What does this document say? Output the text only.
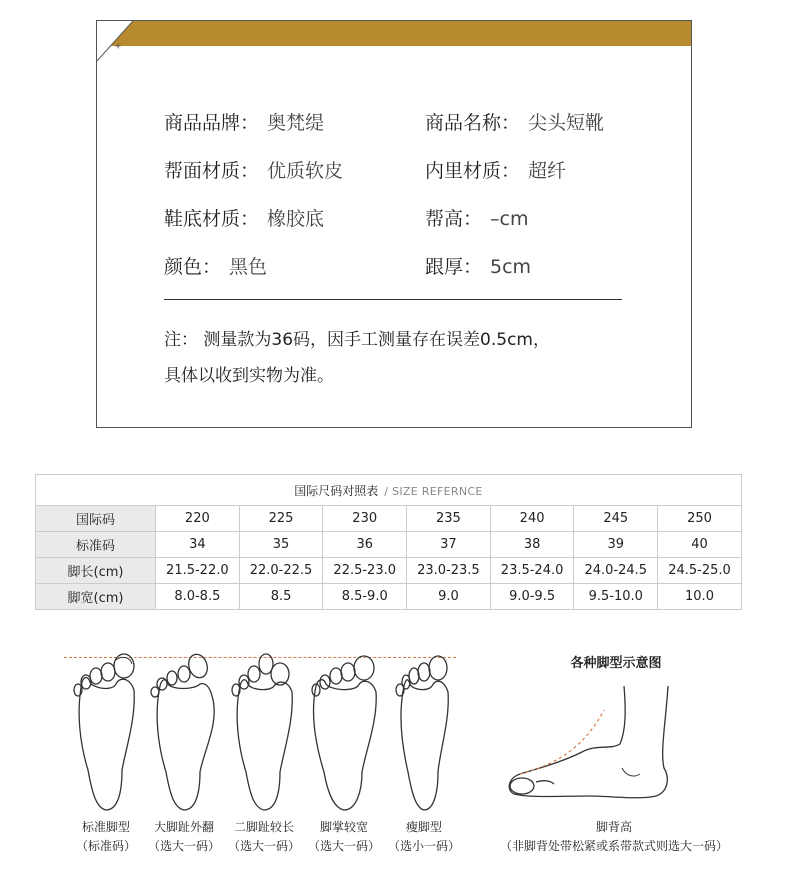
+
商品品牌： 奥梵缇	商品名称： 尖头短靴
帮面材质： 优质软皮	内里材质： 超纤
鞋底材质： 橡胶底	帮高： –cm
颜色： 黑色	跟厚： 5cm
注： 测量款为36码，因手工测量存在误差0.5cm，
具体以收到实物为准。
国际尺码对照表 / SIZE REFERNCE							
国际码	220	225	230	235	240	245	250
标准码	34	35	36	37	38	39	40
脚长(cm)	21.5-22.0	22.0-22.5	22.5-23.0	23.0-23.5	23.5-24.0	24.0-24.5	24.5-25.0
脚宽(cm)	8.0-8.5	8.5	8.5-9.0	9.0	9.0-9.5	9.5-10.0	10.0
标准脚型
（标准码）
大脚趾外翻
（选大一码）
二脚趾较长
（选大一码）
脚掌较宽
（选大一码）
瘦脚型
（选小一码）
各种脚型示意图
脚背高
（非脚背处带松紧或系带款式则选大一码）
